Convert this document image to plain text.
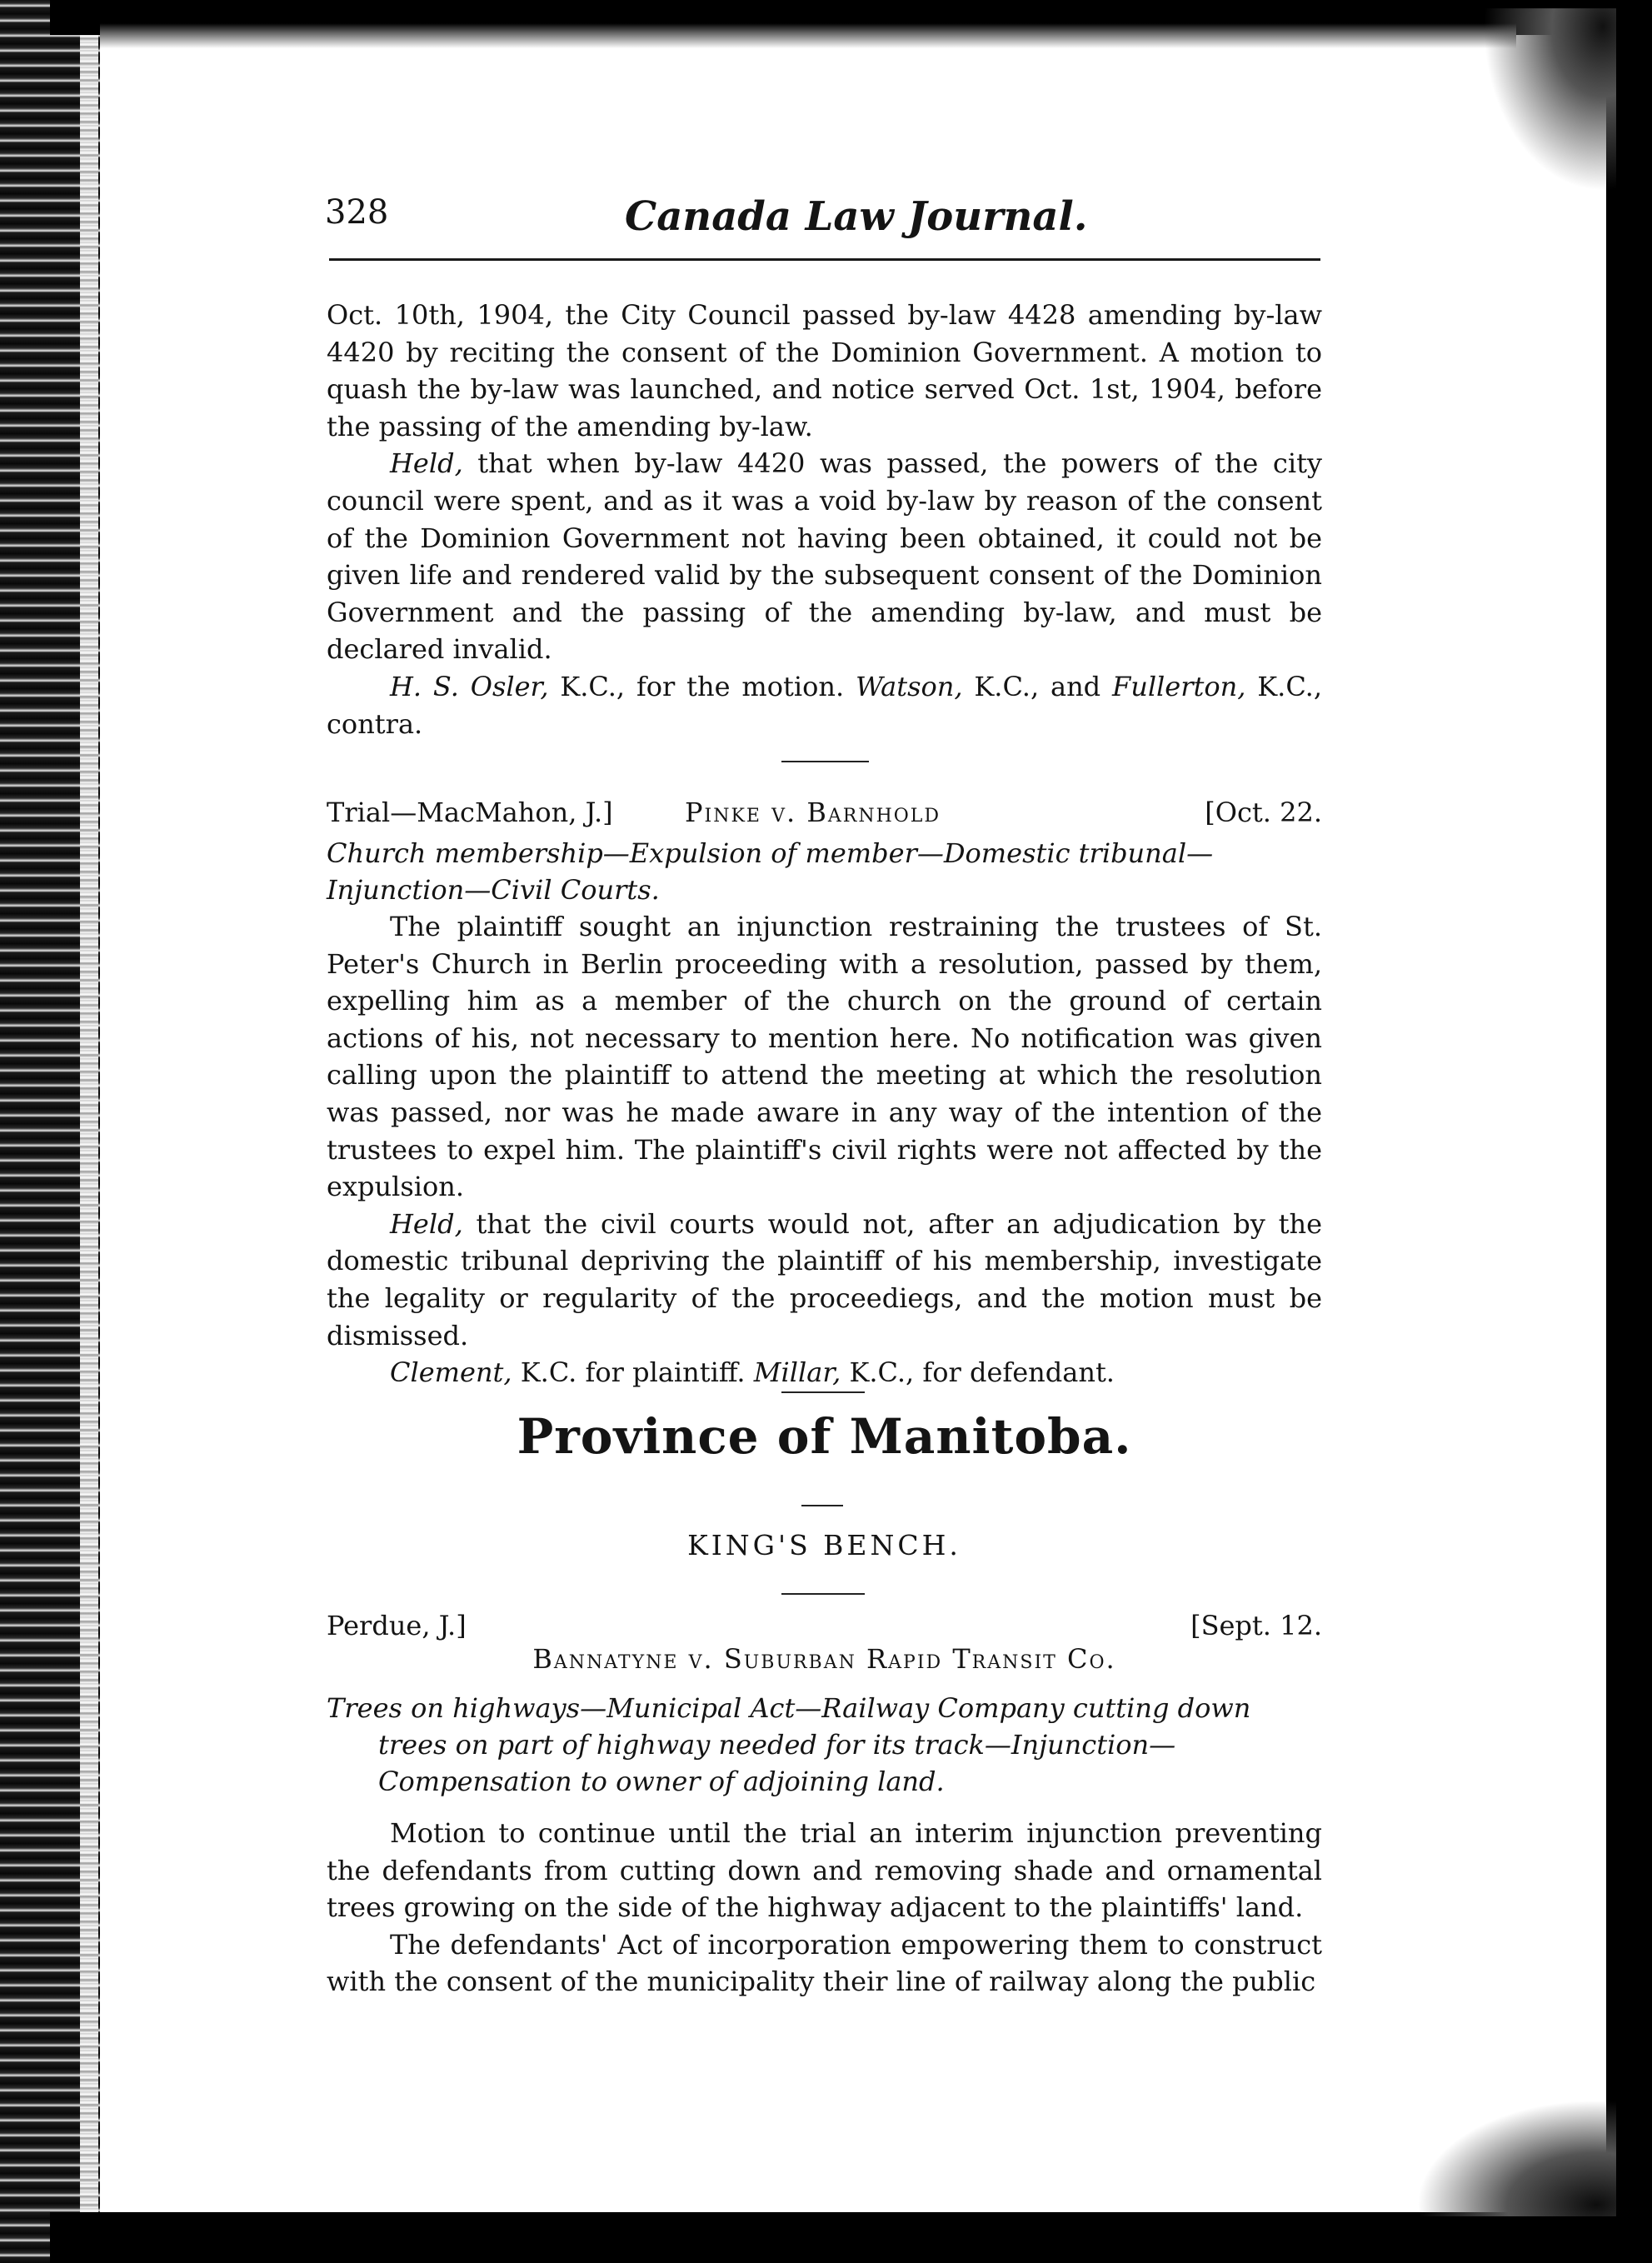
328	Canada Law Journal.

Oct. 10th, 1904, the City Council passed by-law 4428 amending by-law 4420 by reciting the consent of the Dominion Government. A motion to quash the by-law was launched, and notice served Oct. 1st, 1904, before the passing of the amending by-law.

Held, that when by-law 4420 was passed, the powers of the city council were spent, and as it was a void by-law by reason of the consent of the Dominion Government not having been obtained, it could not be given life and rendered valid by the subsequent consent of the Dominion Government and the passing of the amending by-law, and must be declared invalid.

H. S. Osler, K.C., for the motion. Watson, K.C., and Fullerton, K.C., contra.

Trial—MacMahon, J.]	Pinke v. Barnhold	[Oct. 22.
Church membership—Expulsion of member—Domestic tribunal—Injunction—Civil Courts.

The plaintiff sought an injunction restraining the trustees of St. Peter's Church in Berlin proceeding with a resolution, passed by them, expelling him as a member of the church on the ground of certain actions of his, not necessary to mention here. No notification was given calling upon the plaintiff to attend the meeting at which the resolution was passed, nor was he made aware in any way of the intention of the trustees to expel him. The plaintiff's civil rights were not affected by the expulsion.

Held, that the civil courts would not, after an adjudication by the domestic tribunal depriving the plaintiff of his membership, investigate the legality or regularity of the proceediegs, and the motion must be dismissed.

Clement, K.C. for plaintiff. Millar, K.C., for defendant.

Province of Manitoba.
KING'S BENCH.
Perdue, J.]	[Sept. 12.
Bannatyne v. Suburban Rapid Transit Co.
Trees on highways—Municipal Act—Railway Company cutting down trees on part of highway needed for its track—Injunction—Compensation to owner of adjoining land.

Motion to continue until the trial an interim injunction preventing the defendants from cutting down and removing shade and ornamental trees growing on the side of the highway adjacent to the plaintiffs' land.

The defendants' Act of incorporation empowering them to construct with the consent of the municipality their line of railway along the public
